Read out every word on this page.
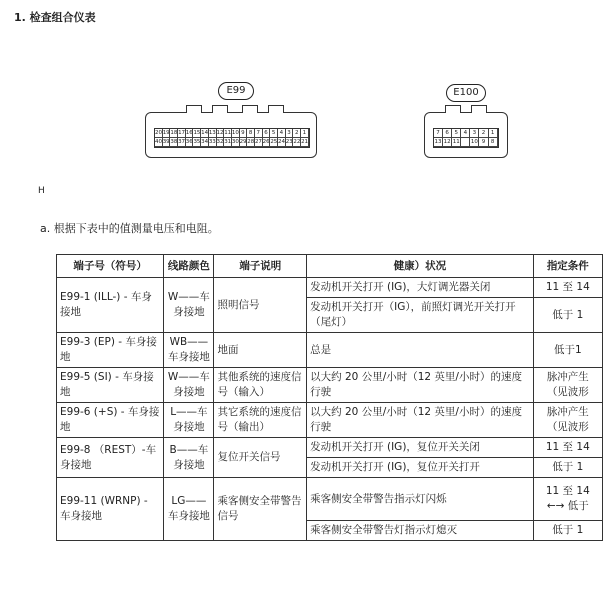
1. 检查组合仪表
E99
20 19 18 17 16 15 14 13 12 11 10 9 8 7 6 5 4 3 2 1
40 39 38 37 36 35 34 33 32 31 30 29 28 27 26 25 24 23 22 21
E100
7	6	5	4	3	2	1
13 12 11 10 9	8
H
a. 根据下表中的值测量电压和电阻。
端子号（符号）	线路颜色	端子说明	健康）状况	指定条件
E99-1 (ILL-) - 车身接地	W——车身接地	照明信号	发动机开关打开 (IG)，大灯调光器关闭	11 至 14
			发动机开关打开（IG），前照灯调光开关打开（尾灯）	低于 1
E99-3 (EP) - 车身接地	WB——车身接地	地面	总是	低于1
E99-5 (SI) - 车身接地	W——车身接地	其他系统的速度信号（输入）	以大约 20 公里/小时（12 英里/小时）的速度行驶	脉冲产生（见波形
E99-6 (+S) - 车身接地	L——车身接地	其它系统的速度信号（输出）	以大约 20 公里/小时（12 英里/小时）的速度行驶	脉冲产生（见波形
E99-8 （REST）-车身接地	B——车身接地	复位开关信号	发动机开关打开 (IG)，复位开关关闭	11 至 14
			发动机开关打开 (IG)，复位开关打开	低于 1
E99-11 (WRNP) - 车身接地	LG——车身接地	乘客侧安全带警告信号	乘客侧安全带警告指示灯闪烁	11 至 14 ←→ 低于
			乘客侧安全带警告灯指示灯熄灭	低于 1
